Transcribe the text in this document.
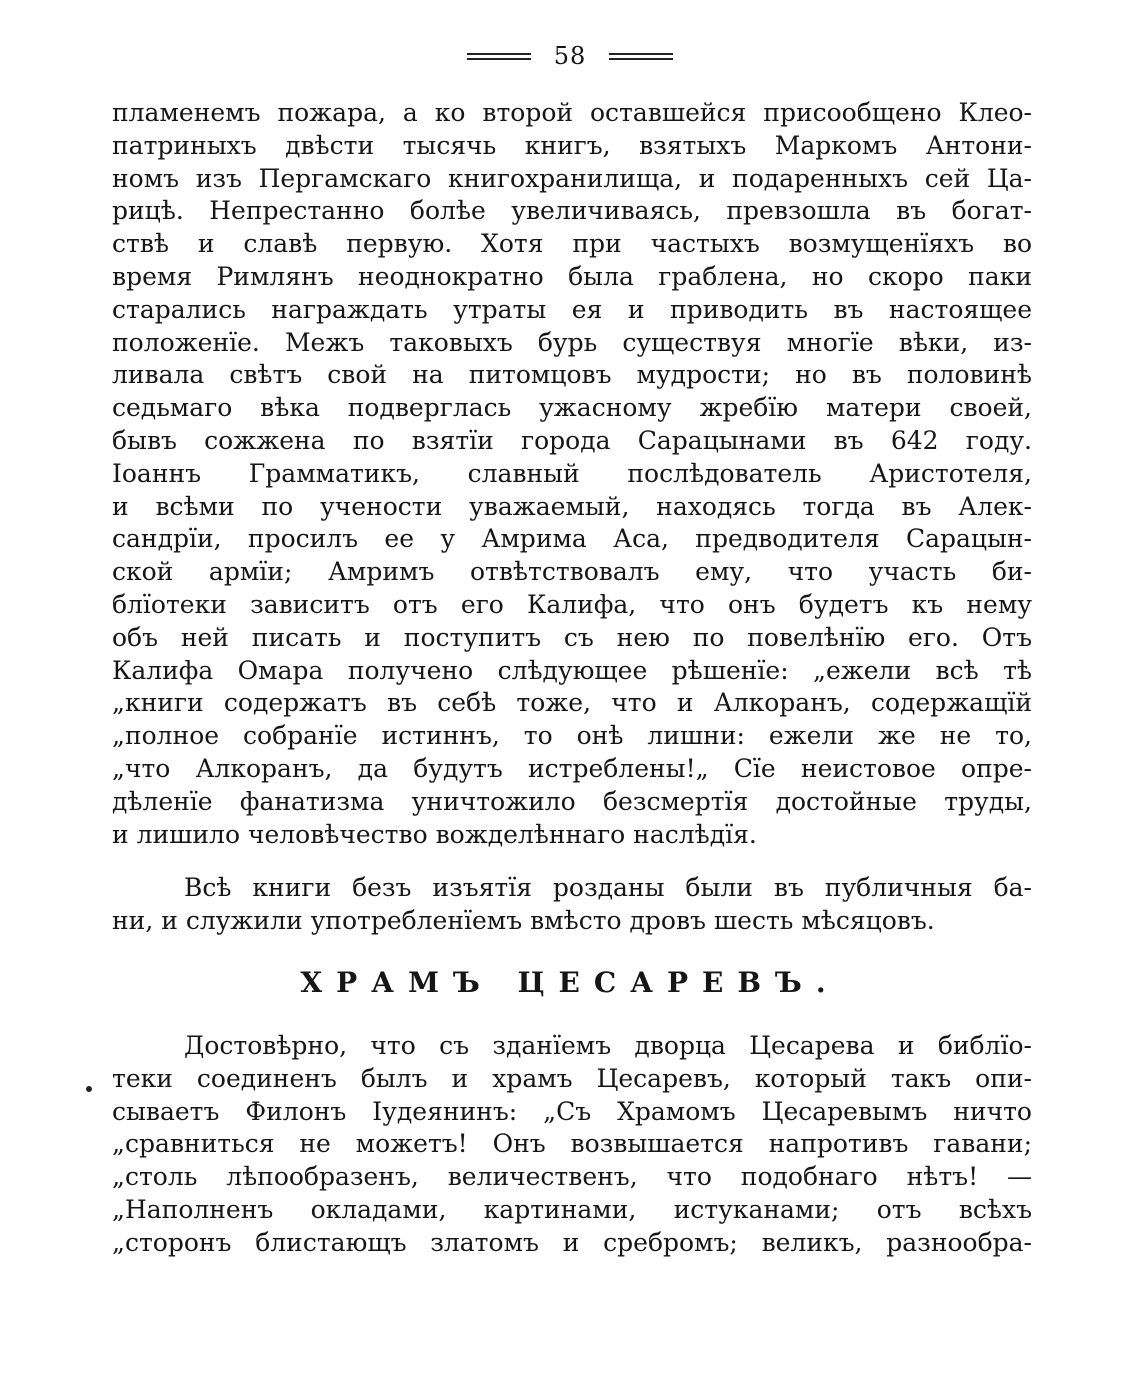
58
пламенемъ пожара, а ко второй оставшейся присообщено Клео-
патриныхъ двѣсти тысячь книгъ, взятыхъ Маркомъ Антони-
номъ изъ Пергамскаго книгохранилища, и подаренныхъ сей Ца-
рицѣ. Непрестанно болѣе увеличиваясь, превзошла въ богат-
ствѣ и славѣ первую. Хотя при частыхъ возмущенїяхъ во
время Римлянъ неоднократно была граблена, но скоро паки
старались награждать утраты ея и приводить въ настоящее
положенїе. Межъ таковыхъ бурь существуя многїе вѣки, из-
ливала свѣтъ свой на питомцовъ мудрости; но въ половинѣ
седьмаго вѣка подверглась ужасному жребїю матери своей,
бывъ сожжена по взятїи города Сарацынами въ 642 году.
Іоаннъ Грамматикъ, славный послѣдователь Аристотеля,
и всѣми по учености уважаемый, находясь тогда въ Алек-
сандрїи, просилъ ее у Амрима Аса, предводителя Сарацын-
ской армїи; Амримъ отвѣтствовалъ ему, что участь би-
блїотеки зависитъ отъ его Калифа, что онъ будетъ къ нему
объ ней писать и поступитъ съ нею по повелѣнїю его. Отъ
Калифа Омара получено слѣдующее рѣшенїе: „ежели всѣ тѣ
„книги содержатъ въ себѣ тоже, что и Алкоранъ, содержащїй
„полное собранїе истиннъ, то онѣ лишни: ежели же не то,
„что Алкоранъ, да будутъ истреблены!„ Сїе неистовое опре-
дѣленїе фанатизма уничтожило безсмертїя достойные труды,
и лишило человѣчество вожделѣннаго наслѣдїя.
Всѣ книги безъ изъятїя розданы были въ публичныя ба-
ни, и служили употребленїемъ вмѣсто дровъ шесть мѣсяцовъ.
ХРАМЪ ЦЕСАРЕВЪ.
Достовѣрно, что съ зданїемъ дворца Цесарева и библїо-
теки соединенъ былъ и храмъ Цесаревъ, который такъ опи-
сываетъ Филонъ Іудеянинъ: „Съ Храмомъ Цесаревымъ ничто
„сравниться не можетъ! Онъ возвышается напротивъ гавани;
„столь лѣпообразенъ, величественъ, что подобнаго нѣтъ! —
„Наполненъ окладами, картинами, истуканами; отъ всѣхъ
„сторонъ блистающъ златомъ и сребромъ; великъ, разнообра-
